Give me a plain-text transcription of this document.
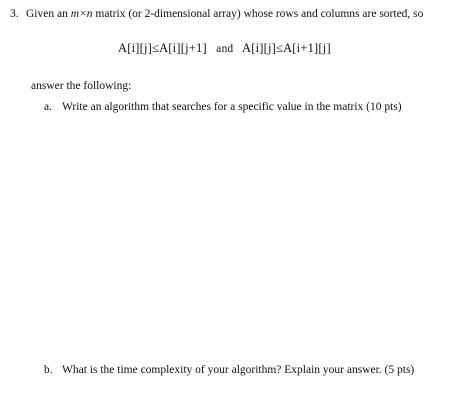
3. Given an m×n matrix (or 2-dimensional array) whose rows and columns are sorted, so
A[i][j]≤A[i][j+1] and A[i][j]≤A[i+1][j]
answer the following:
a. Write an algorithm that searches for a specific value in the matrix (10 pts)
b. What is the time complexity of your algorithm? Explain your answer. (5 pts)
